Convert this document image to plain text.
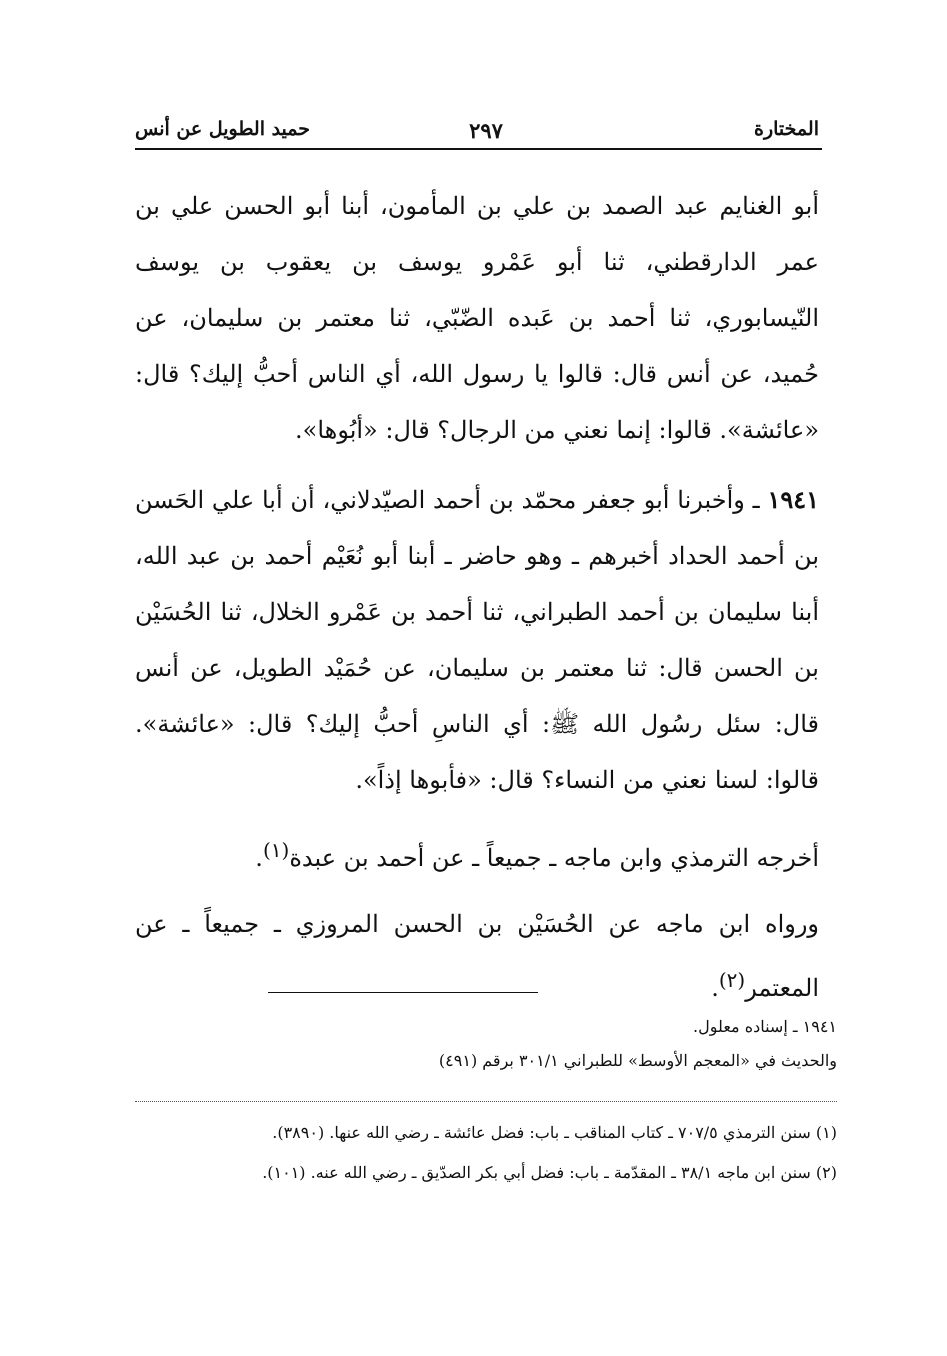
المختارة
٢٩٧
حميد الطويل عن أنس

أبو الغنايم عبد الصمد بن علي بن المأمون، أبنا أبو الحسن علي بن عمر الدارقطني، ثنا أبو عَمْرو يوسف بن يعقوب بن يوسف النّيسابوري، ثنا أحمد بن عَبده الضّبّي، ثنا معتمر بن سليمان، عن حُميد، عن أنس قال: قالوا يا رسول الله، أي الناس أحبُّ إليك؟ قال: «عائشة». قالوا: إنما نعني من الرجال؟ قال: «أبُوها».

١٩٤١ ـ وأخبرنا أبو جعفر محمّد بن أحمد الصيّدلاني، أن أبا علي الحَسن بن أحمد الحداد أخبرهم ـ وهو حاضر ـ أبنا أبو نُعَيْم أحمد بن عبد الله، أبنا سليمان بن أحمد الطبراني، ثنا أحمد بن عَمْرو الخلال، ثنا الحُسَيْن بن الحسن قال: ثنا معتمر بن سليمان، عن حُمَيْد الطويل، عن أنس قال: سئل رسُول الله ﷺ: أي الناسِ أحبُّ إليك؟ قال: «عائشة». قالوا: لسنا نعني من النساء؟ قال: «فأبوها إذاً».

أخرجه الترمذي وابن ماجه ـ جميعاً ـ عن أحمد بن عبدة$^{(١)}$.

ورواه ابن ماجه عن الحُسَيْن بن الحسن المروزي ـ جميعاً ـ عن المعتمر$^{(٢)}$.

١٩٤١ ـ إسناده معلول.

والحديث في «المعجم الأوسط» للطبراني ٣٠١/١ برقم (٤٩١)

(١) سنن الترمذي ٧٠٧/٥ ـ كتاب المناقب ـ باب: فضل عائشة ـ رضي الله عنها. (٣٨٩٠).

(٢) سنن ابن ماجه ٣٨/١ ـ المقدّمة ـ باب: فضل أبي بكر الصدّيق ـ رضي الله عنه. (١٠١).
